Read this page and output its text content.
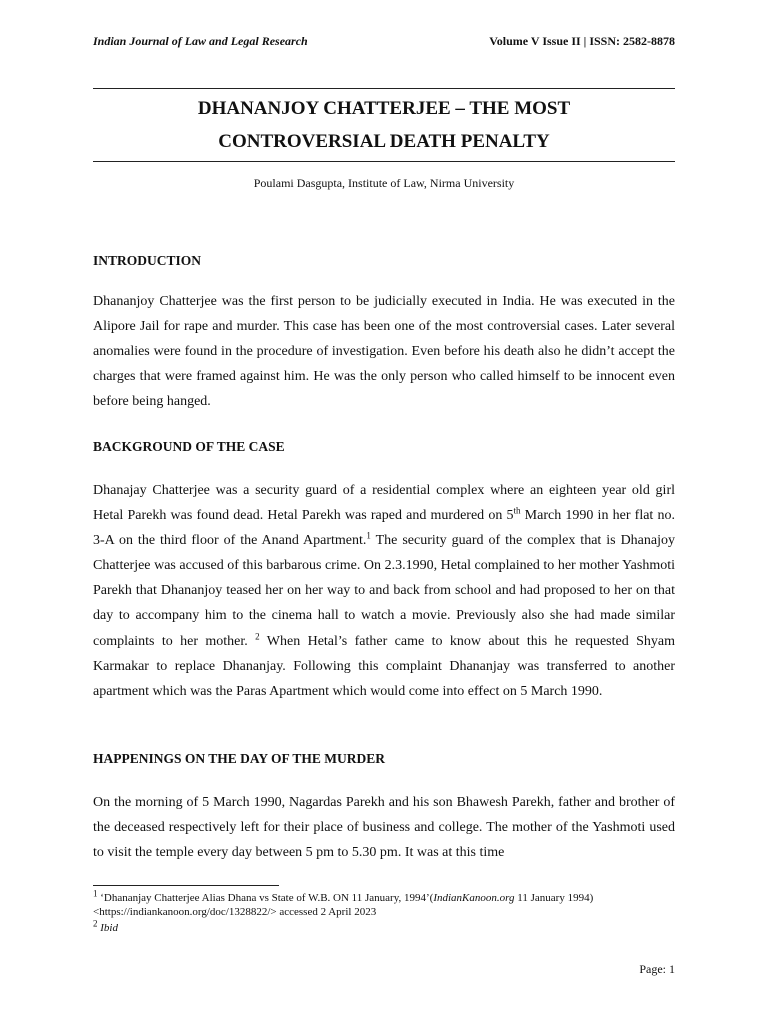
Indian Journal of Law and Legal Research	Volume V Issue II | ISSN: 2582-8878
DHANANJOY CHATTERJEE – THE MOST
CONTROVERSIAL DEATH PENALTY
Poulami Dasgupta, Institute of Law, Nirma University
INTRODUCTION

Dhananjoy Chatterjee was the first person to be judicially executed in India. He was executed in the Alipore Jail for rape and murder. This case has been one of the most controversial cases. Later several anomalies were found in the procedure of investigation. Even before his death also he didn’t accept the charges that were framed against him. He was the only person who called himself to be innocent even before being hanged.

BACKGROUND OF THE CASE

Dhanajay Chatterjee was a security guard of a residential complex where an eighteen year old girl Hetal Parekh was found dead. Hetal Parekh was raped and murdered on 5th March 1990 in her flat no. 3-A on the third floor of the Anand Apartment.$^1$ The security guard of the complex that is Dhanajoy Chatterjee was accused of this barbarous crime. On 2.3.1990, Hetal complained to her mother Yashmoti Parekh that Dhananjoy teased her on her way to and back from school and had proposed to her on that day to accompany him to the cinema hall to watch a movie. Previously also she had made similar complaints to her mother. $^2$ When Hetal’s father came to know about this he requested Shyam Karmakar to replace Dhananjay. Following this complaint Dhananjay was transferred to another apartment which was the Paras Apartment which would come into effect on 5 March 1990.

HAPPENINGS ON THE DAY OF THE MURDER

On the morning of 5 March 1990, Nagardas Parekh and his son Bhawesh Parekh, father and brother of the deceased respectively left for their place of business and college. The mother of the Yashmoti used to visit the temple every day between 5 pm to 5.30 pm. It was at this time

$^1$ ‘Dhananjay Chatterjee Alias Dhana vs State of W.B. ON 11 January, 1994’(IndianKanoon.org 11 January 1994) <https://indiankanoon.org/doc/1328822/> accessed 2 April 2023

$^2$ Ibid

Page: 1
